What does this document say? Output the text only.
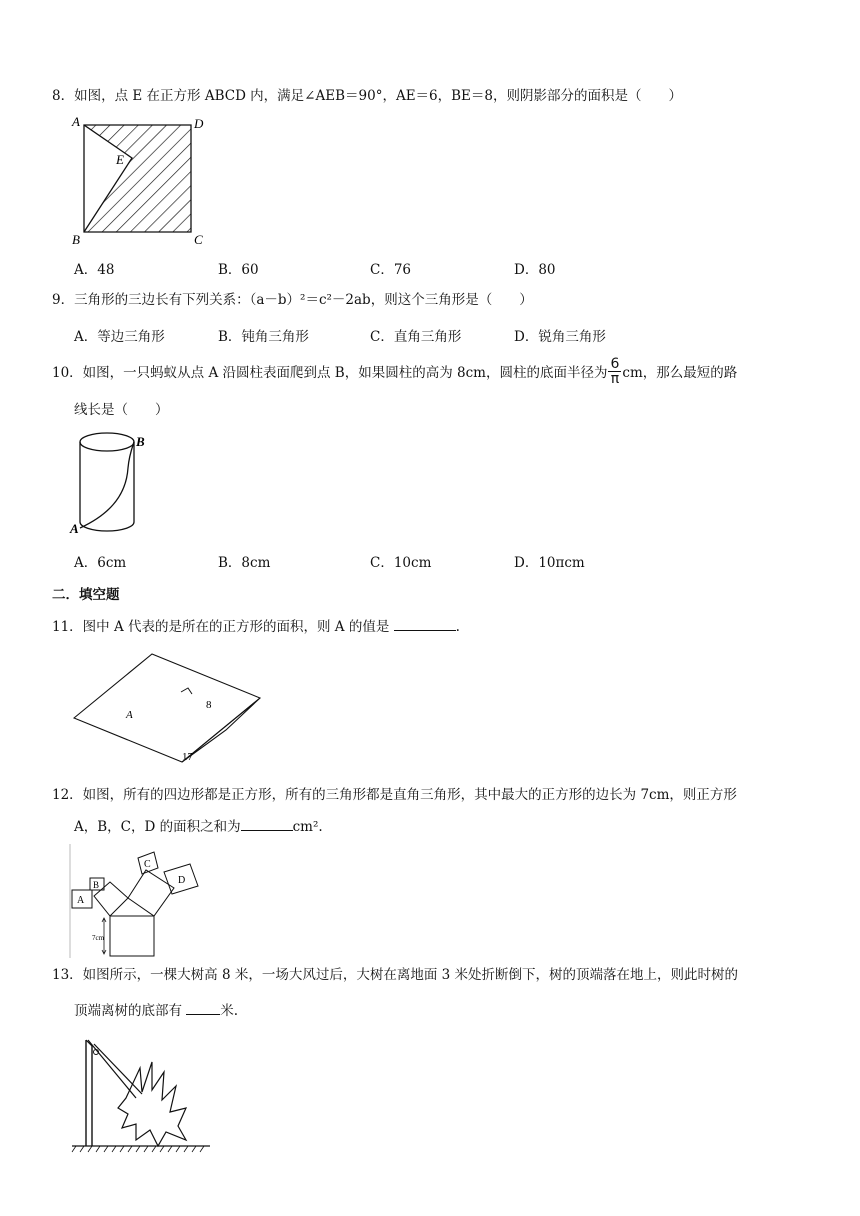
8．如图，点 E 在正方形 ABCD 内，满足∠AEB＝90°，AE＝6，BE＝8，则阴影部分的面积是（　　）
A	D
E
B	C
A．48	B．60	C．76	D．80
9．三角形的三边长有下列关系：（a－b）²＝c²－2ab，则这个三角形是（　　）
A．等边三角形	B．钝角三角形	C．直角三角形	D．锐角三角形
10．如图，一只蚂蚁从点 A 沿圆柱表面爬到点 B，如果圆柱的高为 8cm，圆柱的底面半径为 $\frac{6}{\pi}$ cm，那么最短的路
线长是（　　）
B
A
A．6cm	B．8cm	C．10cm	D．10πcm
二．填空题
11．图中 A 代表的是所在的正方形的面积，则 A 的值是	.
A
8
17
12．如图，所有的四边形都是正方形，所有的三角形都是直角三角形，其中最大的正方形的边长为 7cm，则正方形
A，B，C，D 的面积之和为	cm².
A
B
C
D
7cm
13．如图所示，一棵大树高 8 米，一场大风过后，大树在离地面 3 米处折断倒下，树的顶端落在地上，则此时树的
顶端离树的底部有	米.
